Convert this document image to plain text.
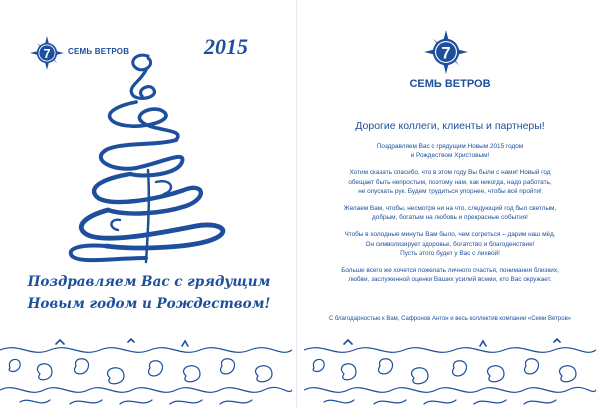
7 СЕМЬ ВЕТРОВ	2015
Поздравляем Вас с грядущим
Новым годом и Рождеством!
7
СЕМЬ ВЕТРОВ
Дорогие коллеги, клиенты и партнеры!
Поздравляем Вас с грядущим Новым 2015 годом
и Рождеством Христовым!
Хотим сказать спасибо, что в этом году Вы были с нами! Новый год
обещает быть непростым, поэтому нам, как никогда, надо работать,
не опускать рук. Будем трудиться упорнее, чтобы всё пройти!
Желаем Вам, чтобы, несмотря ни на что, следующий год был светлым,
добрым, богатым на любовь и прекрасные события!
Чтобы в холодные минуты Вам было, чем согреться – дарим наш мёд.
Он символизирует здоровье, богатство и благоденствие!
Пусть этого будет у Вас с лихвой!
Больше всего же хочется пожелать личного счастья, понимания близких,
любви, заслуженной оценки Ваших усилий всеми, кто Вас окружает.
С благодарностью к Вам, Сафронов Антон и весь коллектив компании «Семи Ветров»
